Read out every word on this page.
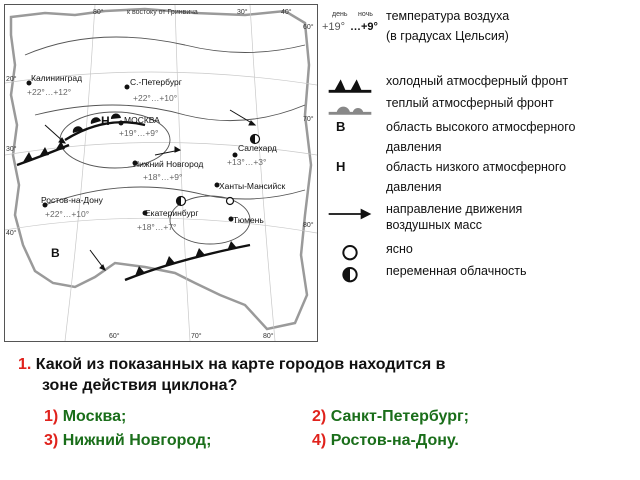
80°	к востоку от Гринвича	30°	40°
20°
30°
40°
60°
70°
80°
60°	70°	80°
Н
В
Калининград
+22°…+12°
С.-Петербург
+22°…+10°
МОСКВА
+19°…+9°
Салехард
+13°…+3°
Нижний Новгород
+18°…+9°
Ханты-Мансийск
Ростов-на-Дону
+22°…+10°	Екатеринбург
+18°…+7°
Тюмень
день ночь
+19° …+9°
температура воздуха
(в градусах Цельсия)
холодный атмосферный фронт
теплый атмосферный фронт
В	область высокого атмосферного
давления
Н	область низкого атмосферного
давления
направление движения
воздушных масс
ясно
переменная облачность
1. Какой из показанных на карте городов находится в
зоне действия циклона?
1) Москва;	2) Санкт-Петербург;
3) Нижний Новгород;	4) Ростов-на-Дону.
